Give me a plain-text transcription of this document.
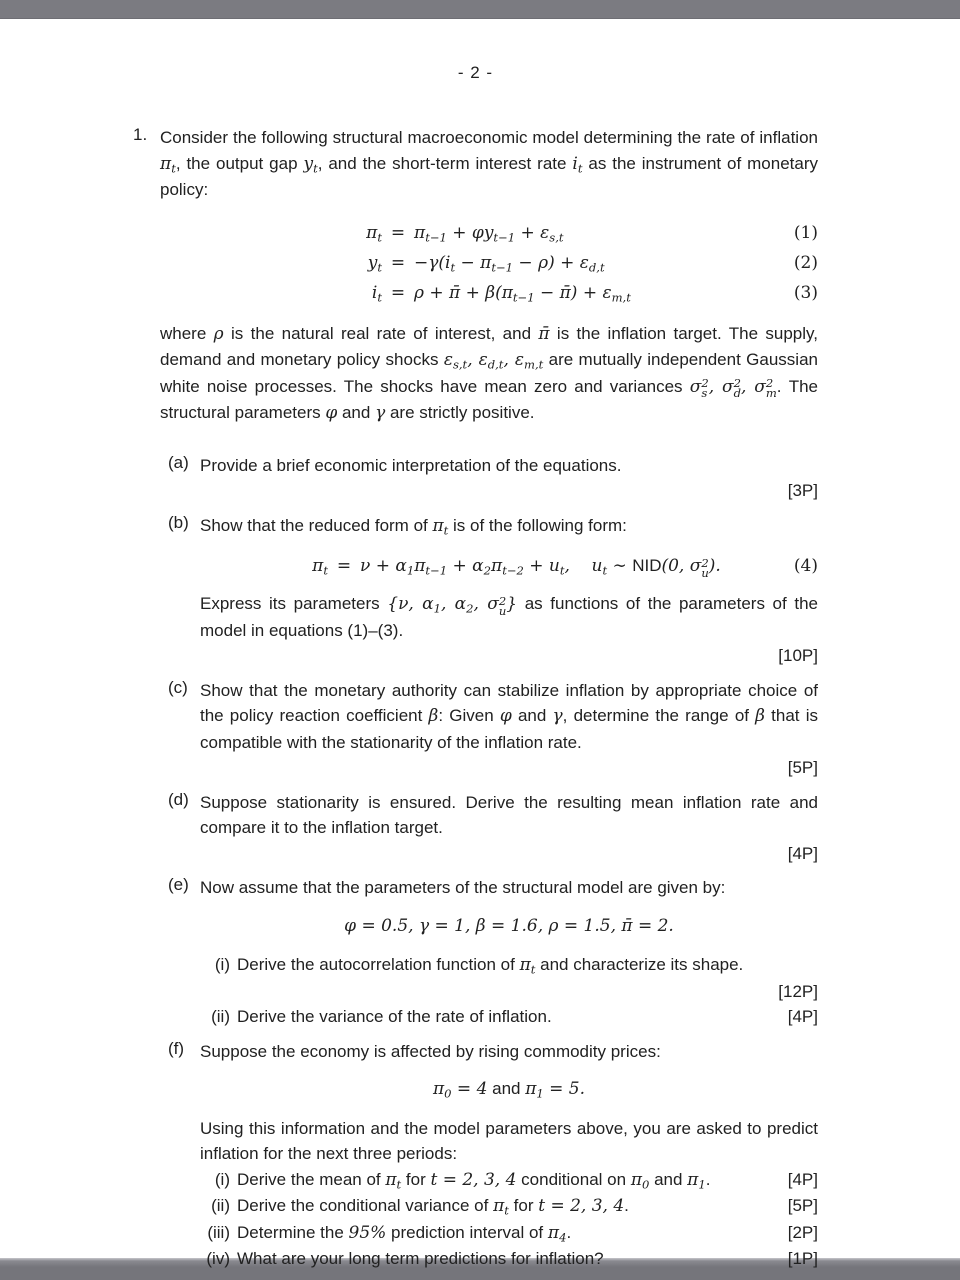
- 2 -
1. Consider the following structural macroeconomic model determining the rate of inflation $\pi_t$, the output gap $y_t$, and the short-term interest rate $i_t$ as the instrument of monetary policy:

$\pi_t = \pi_{t-1} + \varphi y_{t-1} + \varepsilon_{s,t}$	(1)
$y_t = -\gamma(i_t - \pi_{t-1} - \rho) + \varepsilon_{d,t}$	(2)
$i_t = \rho$ + π̄ + $\beta(\pi_{t-1}$ − π̄) + $\varepsilon_{m,t}$	(3)

where ρ is the natural real rate of interest, and π̄ is the inflation target. The supply, demand and monetary policy shocks $\varepsilon_{s,t}$, $\varepsilon_{d,t}$, $\varepsilon_{m,t}$ are mutually independent Gaussian white noise processes. The shocks have mean zero and variances σ 2
s , σ 2
d , σ 2
m . The structural parameters φ and γ are strictly positive.

(a) Provide a brief economic interpretation of the equations.

[3P]
(b) Show that the reduced form of $\pi_t$ is of the following form:

$\pi_t = \nu + \alpha_1\pi_{t-1} + \alpha_2\pi_{t-2} + u_t$,    $u_t$ ∼ NID(0, σ 2
u ).	(4)

Express its parameters {ν, $\alpha_1$, $\alpha_2$, σ 2
u } as functions of the parameters of the model in equations (1)–(3).

[10P]
(c) Show that the monetary authority can stabilize inflation by appropriate choice of the policy reaction coefficient β: Given φ and γ, determine the range of β that is compatible with the stationarity of the inflation rate.

[5P]
(d) Suppose stationarity is ensured. Derive the resulting mean inflation rate and compare it to the inflation target.

[4P]
(e) Now assume that the parameters of the structural model are given by:

φ = 0.5, γ = 1, β = 1.6, ρ = 1.5, π̄ = 2.
(i) Derive the autocorrelation function of $\pi_t$ and characterize its shape.
[12P]
(ii) Derive the variance of the rate of inflation.	[4P]
(f) Suppose the economy is affected by rising commodity prices:

$\pi_0 = 4$ and $\pi_1 = 5$.

Using this information and the model parameters above, you are asked to predict inflation for the next three periods:

(i) Derive the mean of $\pi_t$ for t = 2, 3, 4 conditional on $\pi_0$ and $\pi_1$.	[4P]
(ii) Derive the conditional variance of $\pi_t$ for t = 2, 3, 4.	[5P]
(iii) Determine the 95% prediction interval of $\pi_4$.	[2P]
(iv) What are your long term predictions for inflation?	[1P]
